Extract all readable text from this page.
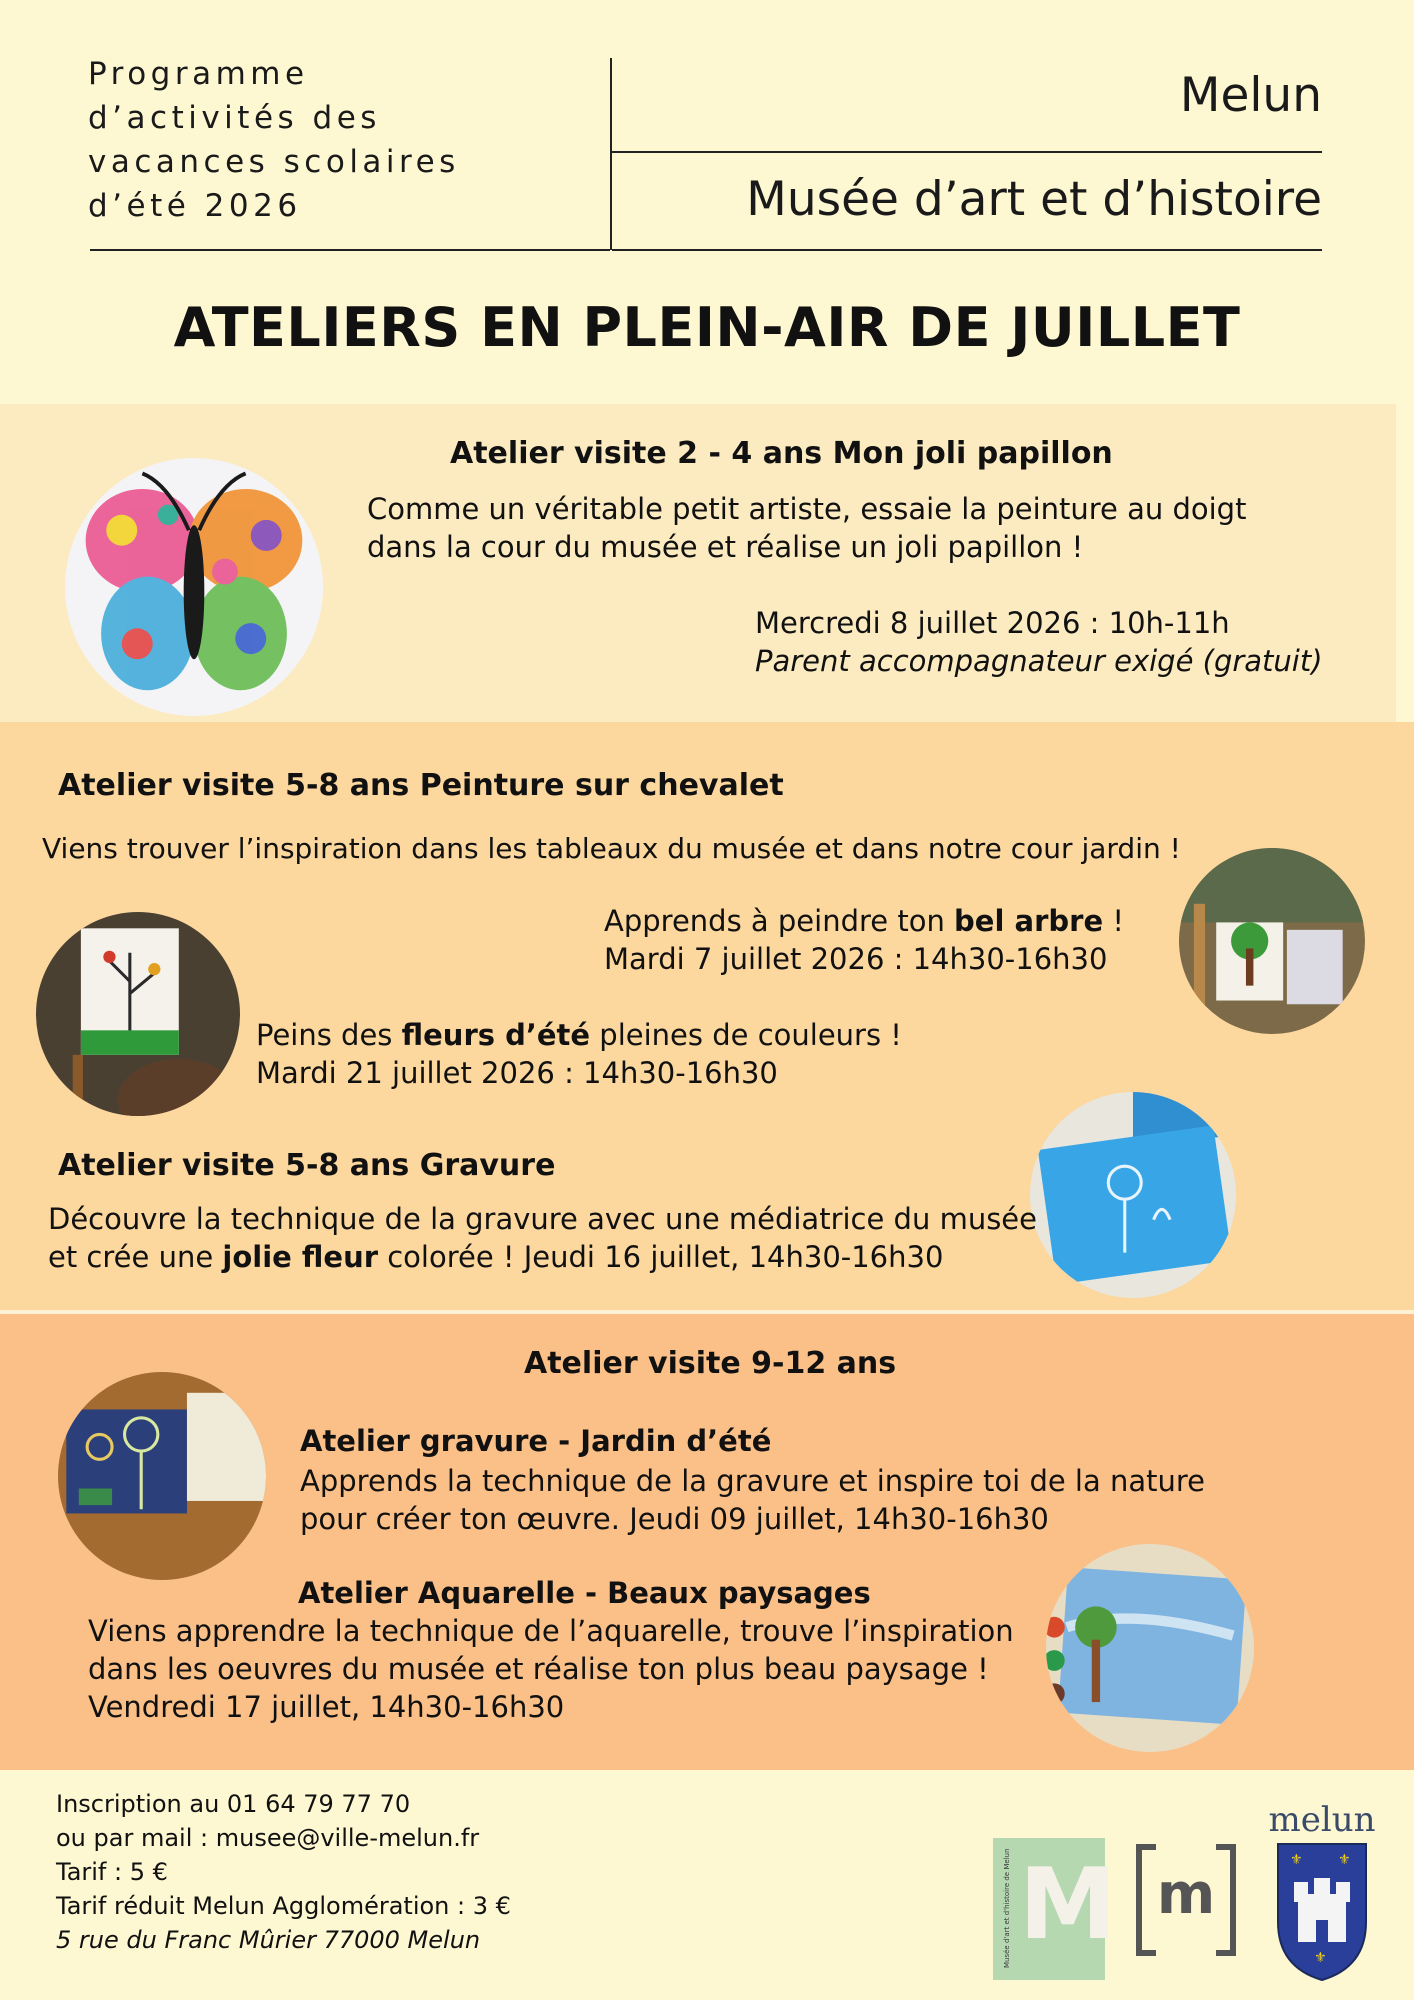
Programme
d’activités des
vacances scolaires
d’été 2026
Melun
Musée d’art et d’histoire
ATELIERS EN PLEIN-AIR DE JUILLET
Atelier visite 2 - 4 ans Mon joli papillon
Comme un véritable petit artiste, essaie la peinture au doigt
dans la cour du musée et réalise un joli papillon !
Mercredi 8 juillet 2026 : 10h-11h
Parent accompagnateur exigé (gratuit)
Atelier visite 5-8 ans Peinture sur chevalet
Viens trouver l’inspiration dans les tableaux du musée et dans notre cour jardin !
Apprends à peindre ton bel arbre !
Mardi 7 juillet 2026 : 14h30-16h30
Peins des fleurs d’été pleines de couleurs !
Mardi 21 juillet 2026 : 14h30-16h30
Atelier visite 5-8 ans Gravure
Découvre la technique de la gravure avec une médiatrice du musée
et crée une jolie fleur colorée ! Jeudi 16 juillet, 14h30-16h30
Atelier visite 9-12 ans
Atelier gravure - Jardin d’été
Apprends la technique de la gravure et inspire toi de la nature
pour créer ton œuvre. Jeudi 09 juillet, 14h30-16h30
Atelier Aquarelle - Beaux paysages
Viens apprendre la technique de l’aquarelle, trouve l’inspiration
dans les oeuvres du musée et réalise ton plus beau paysage !
Vendredi 17 juillet, 14h30-16h30
Inscription au 01 64 79 77 70
ou par mail : musee@ville-melun.fr
Tarif : 5 €
Tarif réduit Melun Agglomération : 3 €
5 rue du Franc Mûrier 77000 Melun	Musée d'art et d'histoire de Melun M m
melun
⚜	⚜
⚜
